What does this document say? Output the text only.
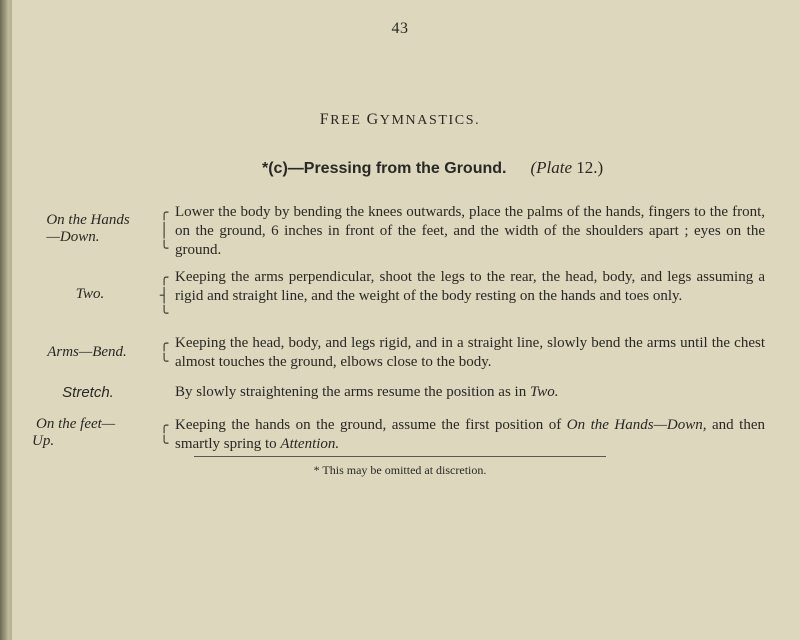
43
FREE GYMNASTICS.
*(c)—Pressing from the Ground. (Plate 12.)
On the Hands
—Down.
╭
│
╰
Lower the body by bending the knees outwards, place the palms of the hands, fingers to the front, on the ground, 6 inches in front of the feet, and the width of the shoulders apart ; eyes on the ground.
Two.
╭
┤
╰
Keeping the arms perpendicular, shoot the legs to the rear, the head, body, and legs assuming a rigid and straight line, and the weight of the body resting on the hands and toes only.
Arms—Bend.	╭
╰
Keeping the head, body, and legs rigid, and in a straight line, slowly bend the arms until the chest almost touches the ground, elbows close to the body.
Stretch.	By slowly straightening the arms resume the position as in Two.
On the feet—
Up.
╭
╰
Keeping the hands on the ground, assume the first position of On the Hands—Down, and then smartly spring to Attention.
* This may be omitted at discretion.
